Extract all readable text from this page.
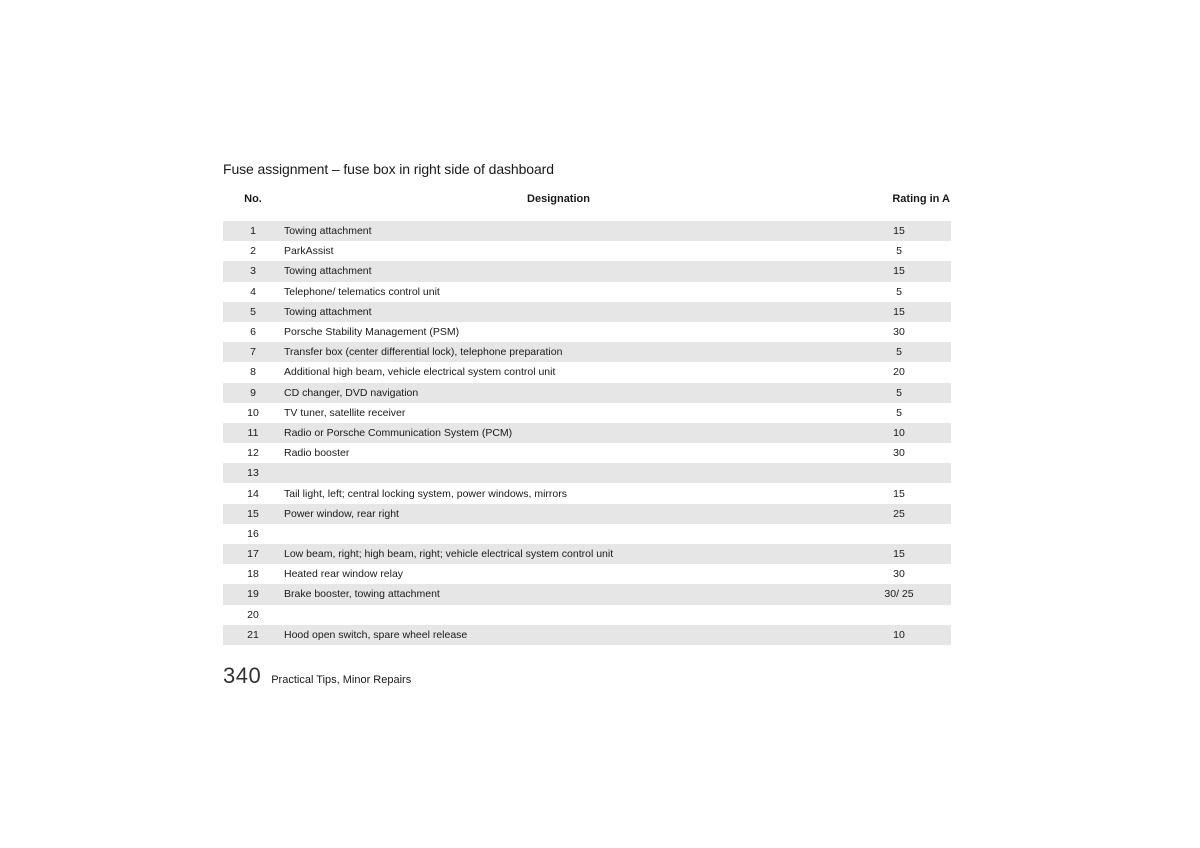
Fuse assignment – fuse box in right side of dashboard
No.	Designation	Rating in A
1	Towing attachment	15
2	ParkAssist	5
3	Towing attachment	15
4	Telephone/ telematics control unit	5
5	Towing attachment	15
6	Porsche Stability Management (PSM)	30
7	Transfer box (center differential lock), telephone preparation	5
8	Additional high beam, vehicle electrical system control unit	20
9	CD changer, DVD navigation	5
10	TV tuner, satellite receiver	5
11	Radio or Porsche Communication System (PCM)	10
12	Radio booster	30
13
14	Tail light, left; central locking system, power windows, mirrors	15
15	Power window, rear right	25
16
17	Low beam, right; high beam, right; vehicle electrical system control unit	15
18	Heated rear window relay	30
19	Brake booster, towing attachment	30/ 25
20
21	Hood open switch, spare wheel release	10
340 Practical Tips, Minor Repairs
